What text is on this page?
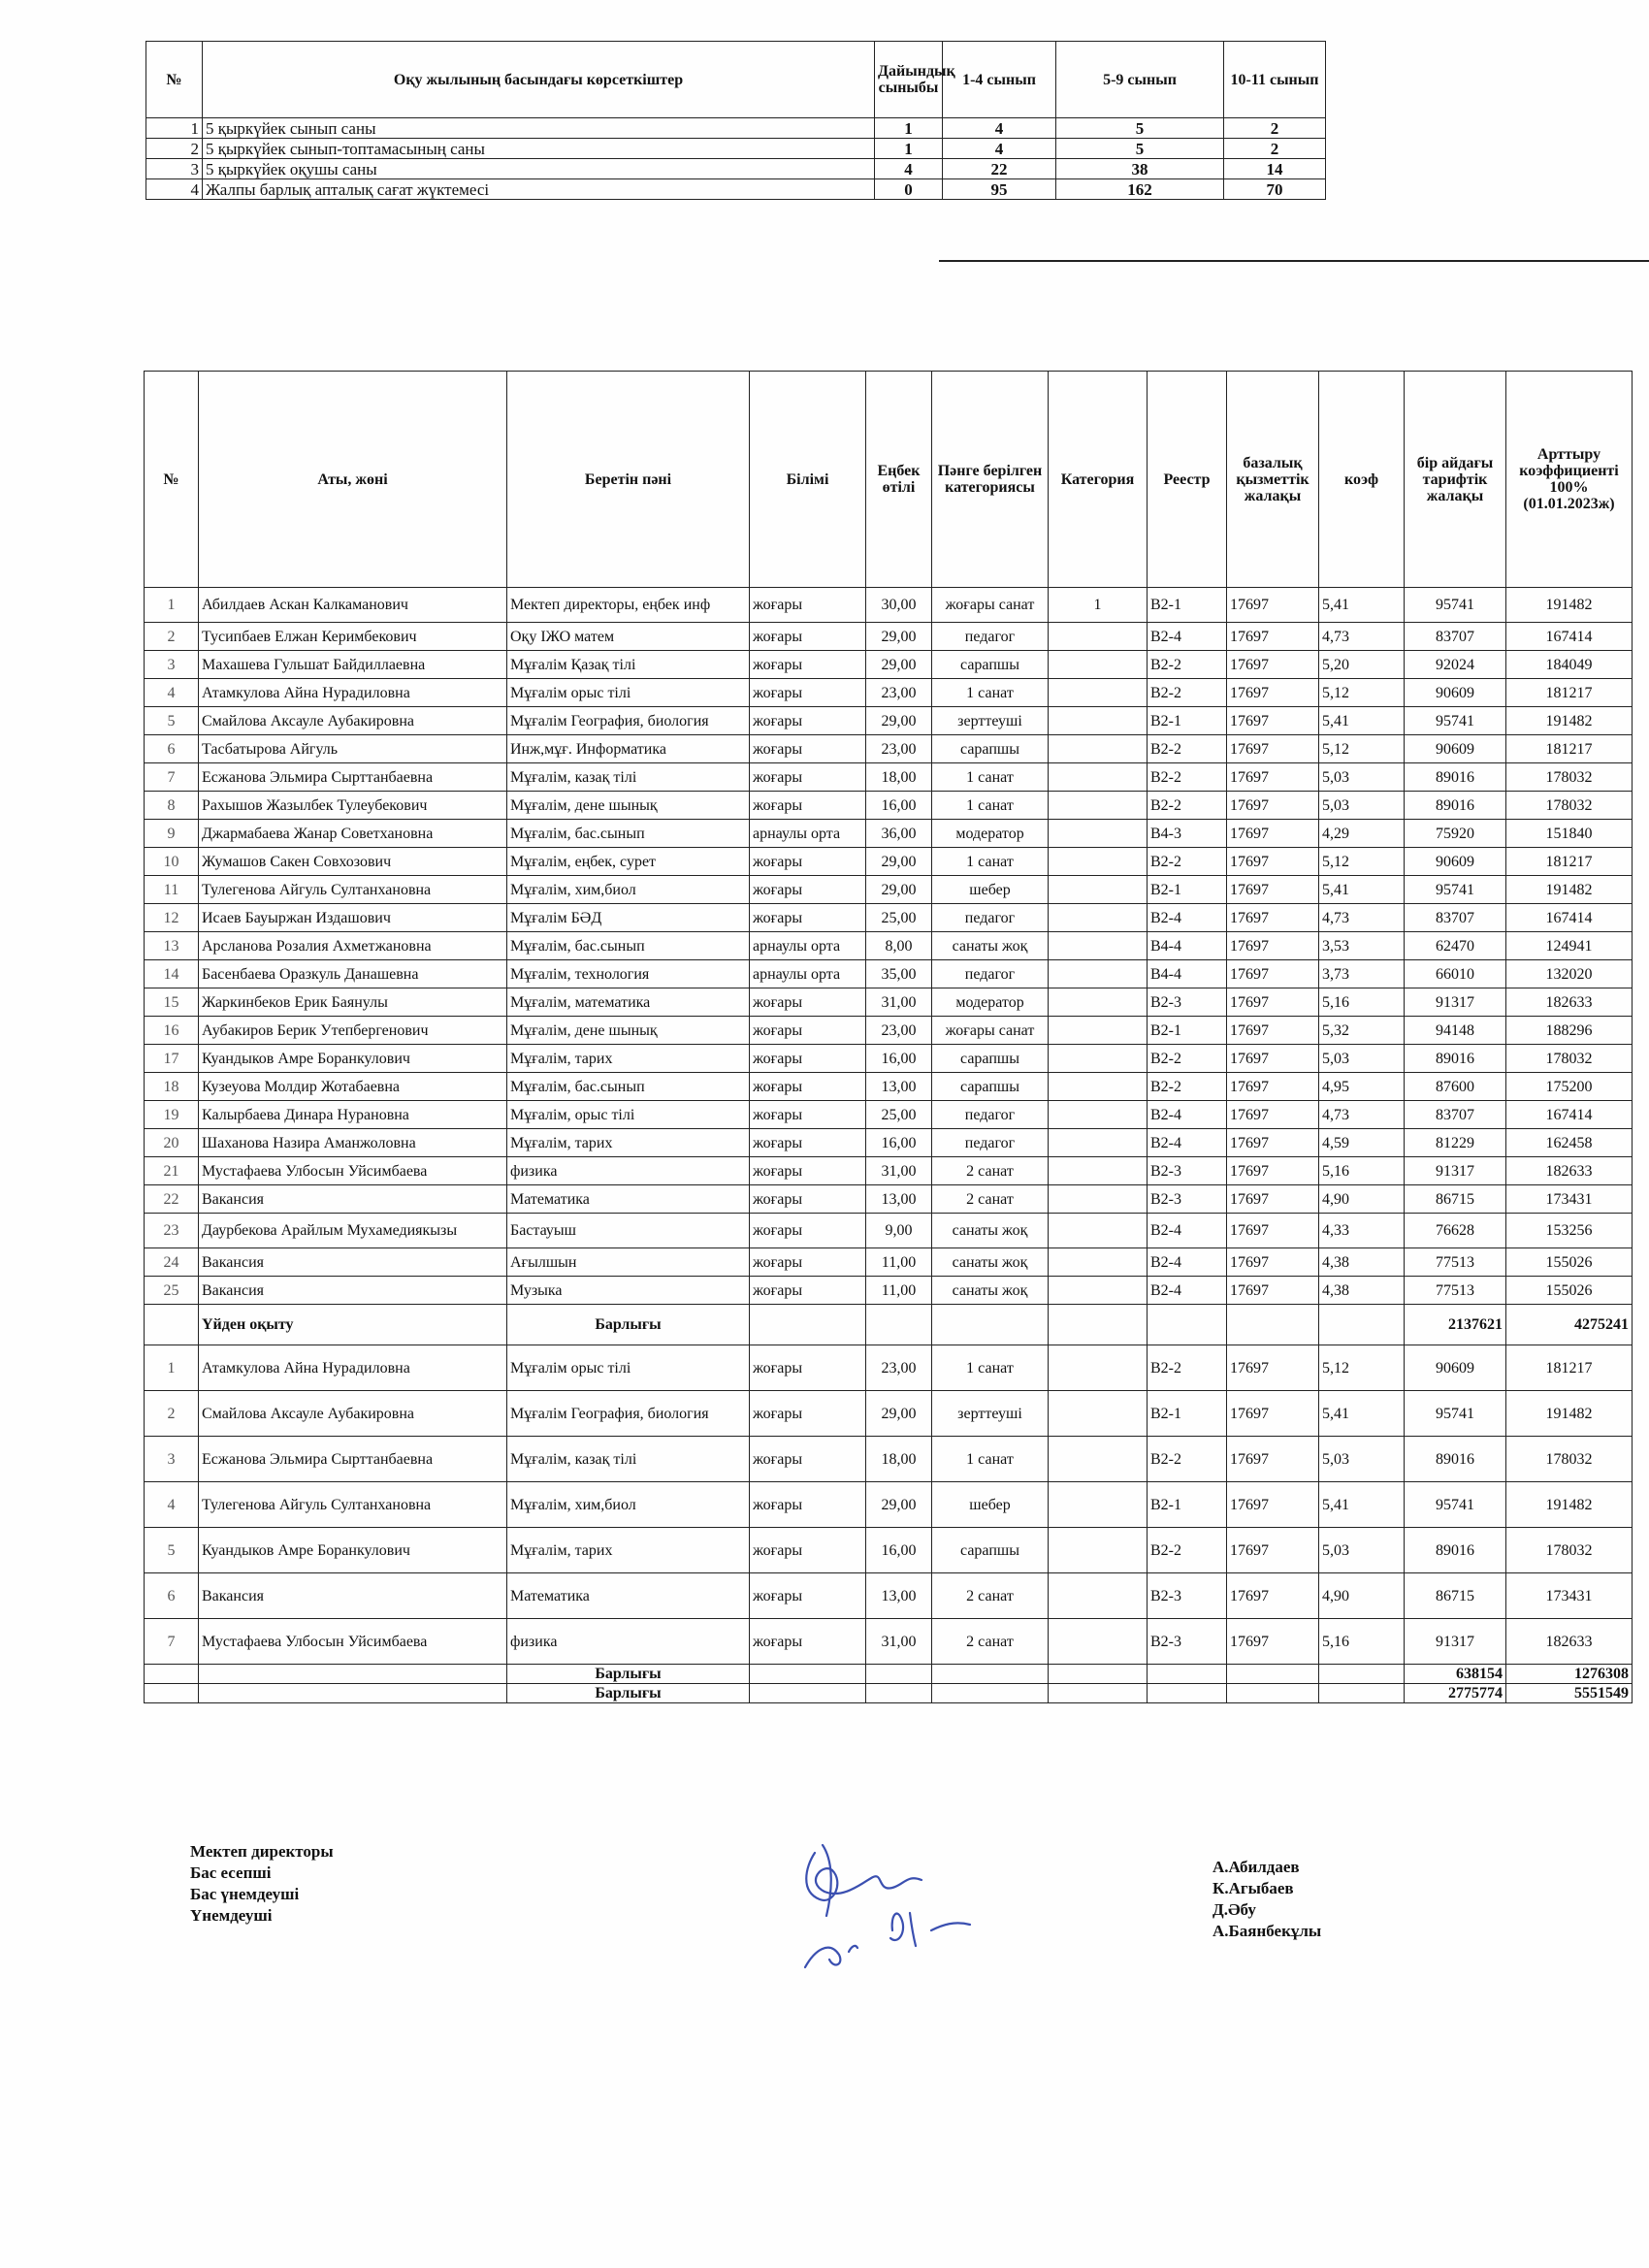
№	Оқу жылының басындағы көрсеткіштер	Дайындық сыныбы	1-4 сынып	5-9 сынып	10-11 сынып
1	5 қыркүйек сынып саны	1	4	5	2
2	5 қыркүйек сынып-топтамасының саны	1	4	5	2
3	5 қыркүйек оқушы саны	4	22	38	14
4	Жалпы барлық апталық сағат жүктемесі	0	95	162	70
№	Аты, жөні	Беретін пәні	Білімі	Еңбек өтілі	Пәнге берілген категориясы	Категория	Реестр	базалық қызметтік жалақы	коэф	бір айдағы тарифтік жалақы	Арттыру коэффициенті 100% (01.01.2023ж)
1	Абилдаев Аскан Калкаманович	Мектеп директоры, еңбек инф	жоғары	30,00	жоғары санат	1	В2-1	17697	5,41	95741	191482
2	Тусипбаев Елжан Керимбекович	Оқу ІЖО матем	жоғары	29,00	педагог		В2-4	17697	4,73	83707	167414
3	Махашева Гульшат Байдиллаевна	Мұғалім Қазақ тілі	жоғары	29,00	сарапшы		В2-2	17697	5,20	92024	184049
4	Атамкулова Айна Нурадиловна	Мұғалім орыс тілі	жоғары	23,00	1 санат		В2-2	17697	5,12	90609	181217
5	Смайлова Аксауле Аубакировна	Мұғалім География, биология	жоғары	29,00	зерттеуші		В2-1	17697	5,41	95741	191482
6	Тасбатырова Айгуль	Инж,мұғ. Информатика	жоғары	23,00	сарапшы		В2-2	17697	5,12	90609	181217
7	Есжанова Эльмира Сырттанбаевна	Мұғалім, казақ тілі	жоғары	18,00	1 санат		В2-2	17697	5,03	89016	178032
8	Рахышов Жазылбек Тулеубекович	Мұғалім, дене шынық	жоғары	16,00	1 санат		В2-2	17697	5,03	89016	178032
9	Джармабаева Жанар Советхановна	Мұғалім, бас.сынып	арнаулы орта	36,00	модератор		В4-3	17697	4,29	75920	151840
10	Жумашов Сакен Совхозович	Мұғалім, еңбек, сурет	жоғары	29,00	1 санат		В2-2	17697	5,12	90609	181217
11	Тулегенова Айгуль Султанхановна	Мұғалім, хим,биол	жоғары	29,00	шебер		В2-1	17697	5,41	95741	191482
12	Исаев Бауыржан Издашович	Мұғалім БӘД	жоғары	25,00	педагог		В2-4	17697	4,73	83707	167414
13	Арсланова Розалия Ахметжановна	Мұғалім, бас.сынып	арнаулы орта	8,00	санаты жоқ		В4-4	17697	3,53	62470	124941
14	Басенбаева Оразкуль Данашевна	Мұғалім, технология	арнаулы орта	35,00	педагог		В4-4	17697	3,73	66010	132020
15	Жаркинбеков Ерик Баянулы	Мұғалім, математика	жоғары	31,00	модератор		В2-3	17697	5,16	91317	182633
16	Аубакиров Берик Утепбергенович	Мұғалім, дене шынық	жоғары	23,00	жоғары санат		В2-1	17697	5,32	94148	188296
17	Куандыков Амре Боранкулович	Мұғалім, тарих	жоғары	16,00	сарапшы		В2-2	17697	5,03	89016	178032
18	Кузеуова Молдир Жотабаевна	Мұғалім, бас.сынып	жоғары	13,00	сарапшы		В2-2	17697	4,95	87600	175200
19	Калырбаева Динара Нурановна	Мұғалім, орыс тілі	жоғары	25,00	педагог		В2-4	17697	4,73	83707	167414
20	Шаханова Назира Аманжоловна	Мұғалім, тарих	жоғары	16,00	педагог		В2-4	17697	4,59	81229	162458
21	Мустафаева Улбосын Уйсимбаева	физика	жоғары	31,00	2 санат		В2-3	17697	5,16	91317	182633
22	Вакансия	Математика	жоғары	13,00	2 санат		В2-3	17697	4,90	86715	173431
23	Даурбекова Арайлым Мухамедиякызы	Бастауыш	жоғары	9,00	санаты жоқ		В2-4	17697	4,33	76628	153256
24	Вакансия	Ағылшын	жоғары	11,00	санаты жоқ		В2-4	17697	4,38	77513	155026
25	Вакансия	Музыка	жоғары	11,00	санаты жоқ		В2-4	17697	4,38	77513	155026
	Үйден оқыту	Барлығы								2137621	4275241
1	Атамкулова Айна Нурадиловна	Мұғалім орыс тілі	жоғары	23,00	1 санат		В2-2	17697	5,12	90609	181217
2	Смайлова Аксауле Аубакировна	Мұғалім География, биология	жоғары	29,00	зерттеуші		В2-1	17697	5,41	95741	191482
3	Есжанова Эльмира Сырттанбаевна	Мұғалім, казақ тілі	жоғары	18,00	1 санат		В2-2	17697	5,03	89016	178032
4	Тулегенова Айгуль Султанхановна	Мұғалім, хим,биол	жоғары	29,00	шебер		В2-1	17697	5,41	95741	191482
5	Куандыков Амре Боранкулович	Мұғалім, тарих	жоғары	16,00	сарапшы		В2-2	17697	5,03	89016	178032
6	Вакансия	Математика	жоғары	13,00	2 санат		В2-3	17697	4,90	86715	173431
7	Мустафаева Улбосын Уйсимбаева	физика	жоғары	31,00	2 санат		В2-3	17697	5,16	91317	182633
		Барлығы								638154	1276308
		Барлығы								2775774	5551549
Мектеп директоры
Бас есепші
Бас үнемдеуші
Үнемдеуші
А.Абилдаев
К.Агыбаев
Д.Әбу
А.Баянбекұлы
